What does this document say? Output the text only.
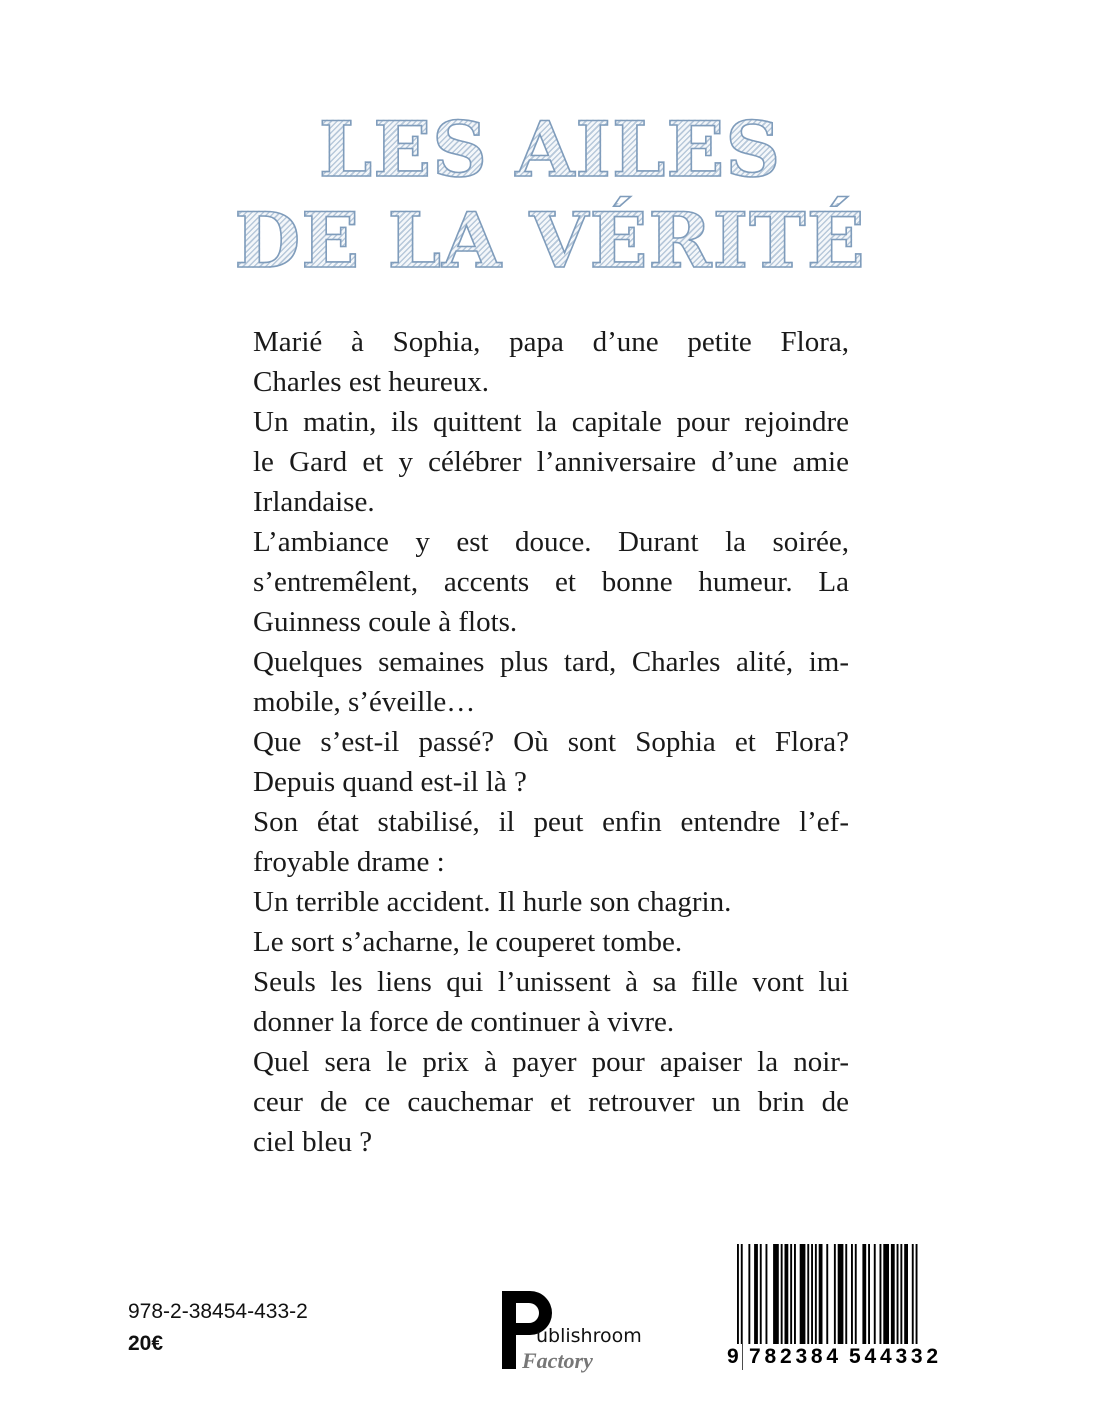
LES AILES
DE LA VÉRITÉ
Marié à Sophia, papa d’une petite Flora,
Charles est heureux.
Un matin, ils quittent la capitale pour rejoindre
le Gard et y célébrer l’anniversaire d’une amie
Irlandaise.
L’ambiance y est douce. Durant la soirée,
s’entremêlent, accents et bonne humeur. La
Guinness coule à flots.
Quelques semaines plus tard, Charles alité, im-
mobile, s’éveille…
Que s’est-il passé? Où sont Sophia et Flora?
Depuis quand est-il là ?
Son état stabilisé, il peut enfin entendre l’ef-
froyable drame :
Un terrible accident. Il hurle son chagrin.
Le sort s’acharne, le couperet tombe.
Seuls les liens qui l’unissent à sa fille vont lui
donner la force de continuer à vivre.
Quel sera le prix à payer pour apaiser la noir-
ceur de ce cauchemar et retrouver un brin de
ciel bleu ?
978-2-38454-433-2
20€	ublishroom
Factory	9 782384 544332
